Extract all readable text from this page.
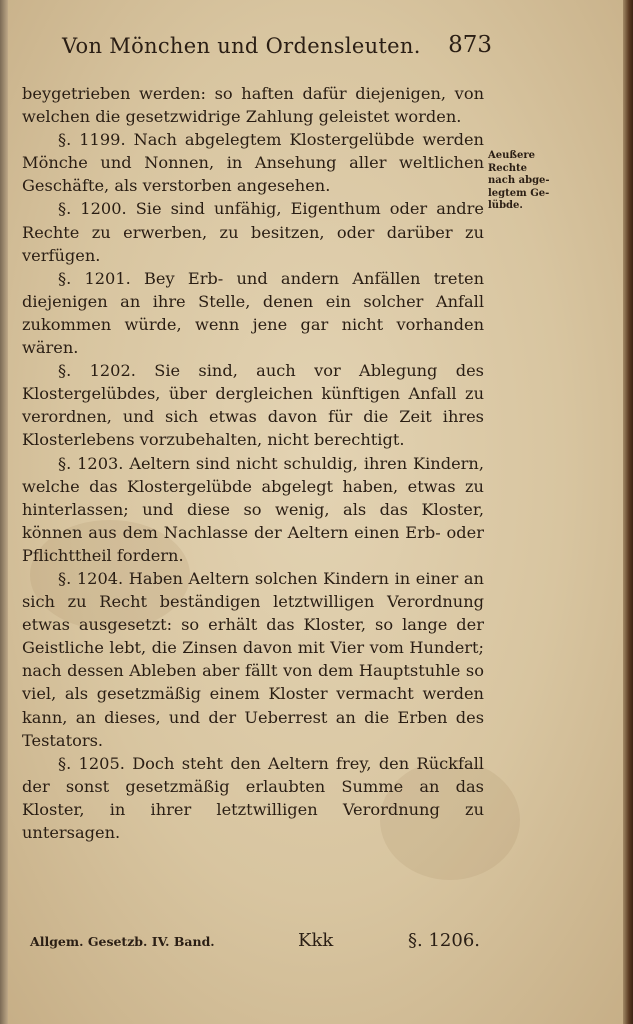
Von Mönchen und Ordensleuten. 873

beygetrieben werden: so haften dafür diejenigen, von welchen die gesetzwidrige Zahlung geleistet worden.

§. 1199. Nach abgelegtem Klostergelübde werden Mönche und Nonnen, in Ansehung aller weltlichen Geschäfte, als verstorben angesehen.

§. 1200. Sie sind unfähig, Eigenthum oder andre Rechte zu erwerben, zu besitzen, oder darüber zu verfügen.

§. 1201. Bey Erb- und andern Anfällen treten diejenigen an ihre Stelle, denen ein solcher Anfall zukommen würde, wenn jene gar nicht vorhanden wären.

§. 1202. Sie sind, auch vor Ablegung des Klostergelübdes, über dergleichen künftigen Anfall zu verordnen, und sich etwas davon für die Zeit ihres Klosterlebens vorzubehalten, nicht berechtigt.

§. 1203. Aeltern sind nicht schuldig, ihren Kindern, welche das Klostergelübde abgelegt haben, etwas zu hinterlassen; und diese so wenig, als das Kloster, können aus dem Nachlasse der Aeltern einen Erb- oder Pflichttheil fordern.

§. 1204. Haben Aeltern solchen Kindern in einer an sich zu Recht beständigen letztwilligen Verordnung etwas ausgesetzt: so erhält das Kloster, so lange der Geistliche lebt, die Zinsen davon mit Vier vom Hundert; nach dessen Ableben aber fällt von dem Hauptstuhle so viel, als gesetzmäßig einem Kloster vermacht werden kann, an dieses, und der Ueberrest an die Erben des Testators.

§. 1205. Doch steht den Aeltern frey, den Rückfall der sonst gesetzmäßig erlaubten Summe an das Kloster, in ihrer letztwilligen Verordnung zu untersagen.

Aeußere
Rechte
nach abge-
legtem Ge-
lübde.
Allgem. Gesetzb. IV. Band.	Kkk	§. 1206.
